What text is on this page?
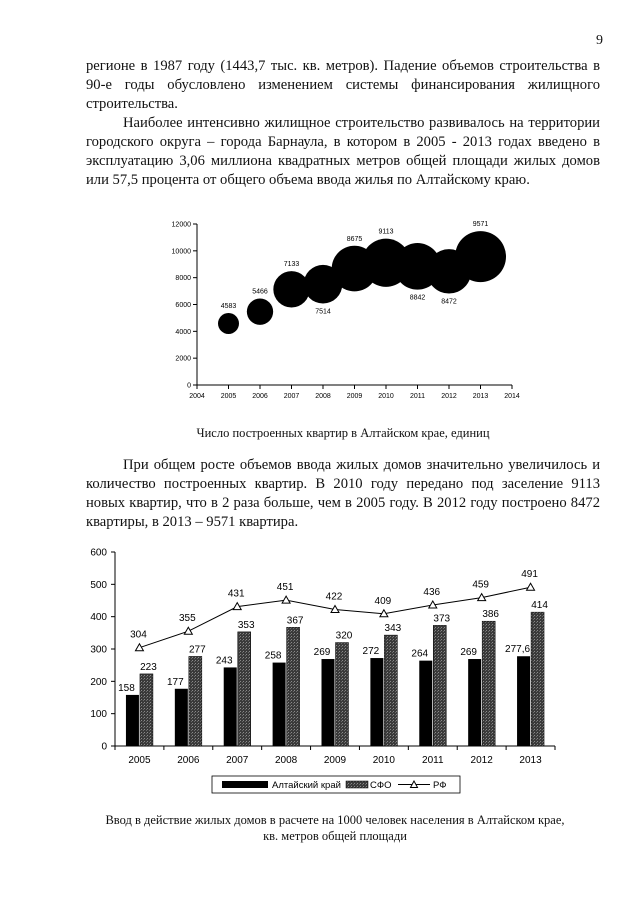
9

регионе в 1987 году (1443,7 тыс. кв. метров). Падение объемов строительства в 90-е годы обусловлено изменением системы финансирования жилищного строительства.

Наиболее интенсивно жилищное строительство развивалось на территории городского округа – города Барнаула, в котором в 2005 - 2013 годах введено в эксплуатацию 3,06 миллиона квадратных метров общей площади жилых домов или 57,5 процента от общего объема ввода жилья по Алтайскому краю.

0
2000
4000
6000
8000
10000
12000
2004 2005 2006 2007 2008 2009 2010 2011 2012 2013 2014
4583
5466
7133
7514
8675
9113
8842
8472
9571
Число построенных квартир в Алтайском крае, единиц

При общем росте объемов ввода жилых домов значительно увеличилось и количество построенных квартир. В 2010 году передано под заселение 9113 новых квартир, что в 2 раза больше, чем в 2005 году. В 2012 году построено 8472 квартиры, в 2013 – 9571 квартира.

0
100
200
300
400
500
600
2005
158
223
2006
177
277
2007
243
353
2008
258
367
2009
269
320
2010
272
343
2011
264
373
2012
269
386
2013
277,6
414
304
355
431
451
422	409
436
459
491
Алтайский край	СФО	РФ
Ввод в действие жилых домов в расчете на 1000 человек населения в Алтайском крае,
кв. метров общей площади
